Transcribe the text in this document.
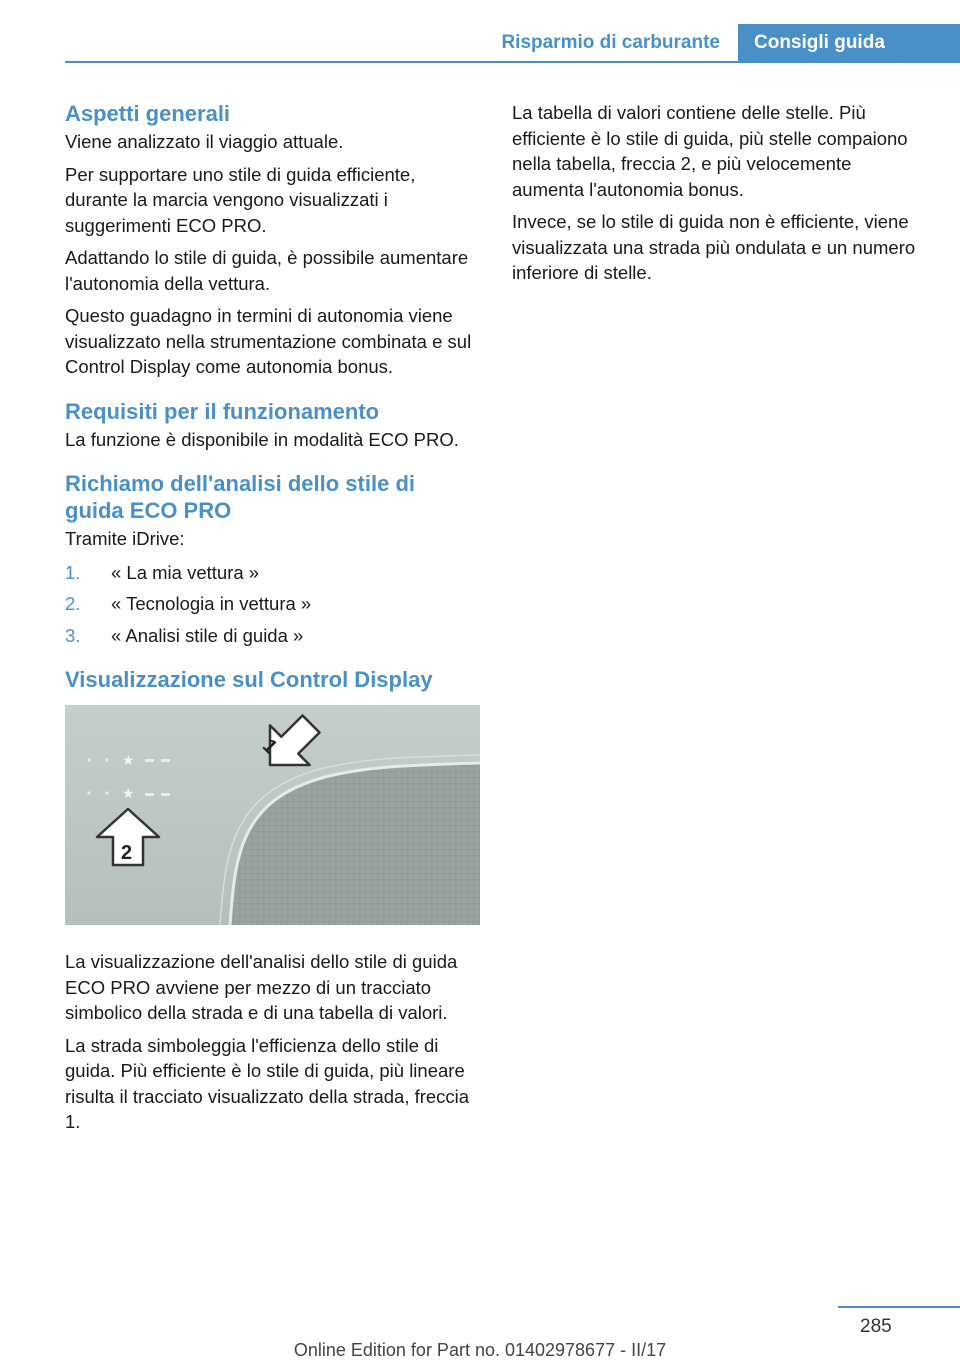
Risparmio di carburante	Consigli guida
Aspetti generali

Viene analizzato il viaggio attuale.

Per supportare uno stile di guida efficiente, durante la marcia vengono visualizzati i suggerimenti ECO PRO.

Adattando lo stile di guida, è possibile aumentare l'autonomia della vettura.

Questo guadagno in termini di autonomia viene visualizzato nella strumentazione combinata e sul Control Display come autonomia bonus.

Requisiti per il funzionamento

La funzione è disponibile in modalità ECO PRO.

Richiamo dell'analisi dello stile di guida ECO PRO

Tramite iDrive:

1.	« La mia vettura »
2.	« Tecnologia in vettura »
3.	« Analisi stile di guida »
Visualizzazione sul Control Display
★
★
1
2

La visualizzazione dell'analisi dello stile di guida ECO PRO avviene per mezzo di un tracciato simbolico della strada e di una tabella di valori.

La strada simboleggia l'efficienza dello stile di guida. Più efficiente è lo stile di guida, più lineare risulta il tracciato visualizzato della strada, freccia 1.

La tabella di valori contiene delle stelle. Più efficiente è lo stile di guida, più stelle compaiono nella tabella, freccia 2, e più velocemente aumenta l'autonomia bonus.

Invece, se lo stile di guida non è efficiente, viene visualizzata una strada più ondulata e un numero inferiore di stelle.

285
Online Edition for Part no. 01402978677 - II/17
